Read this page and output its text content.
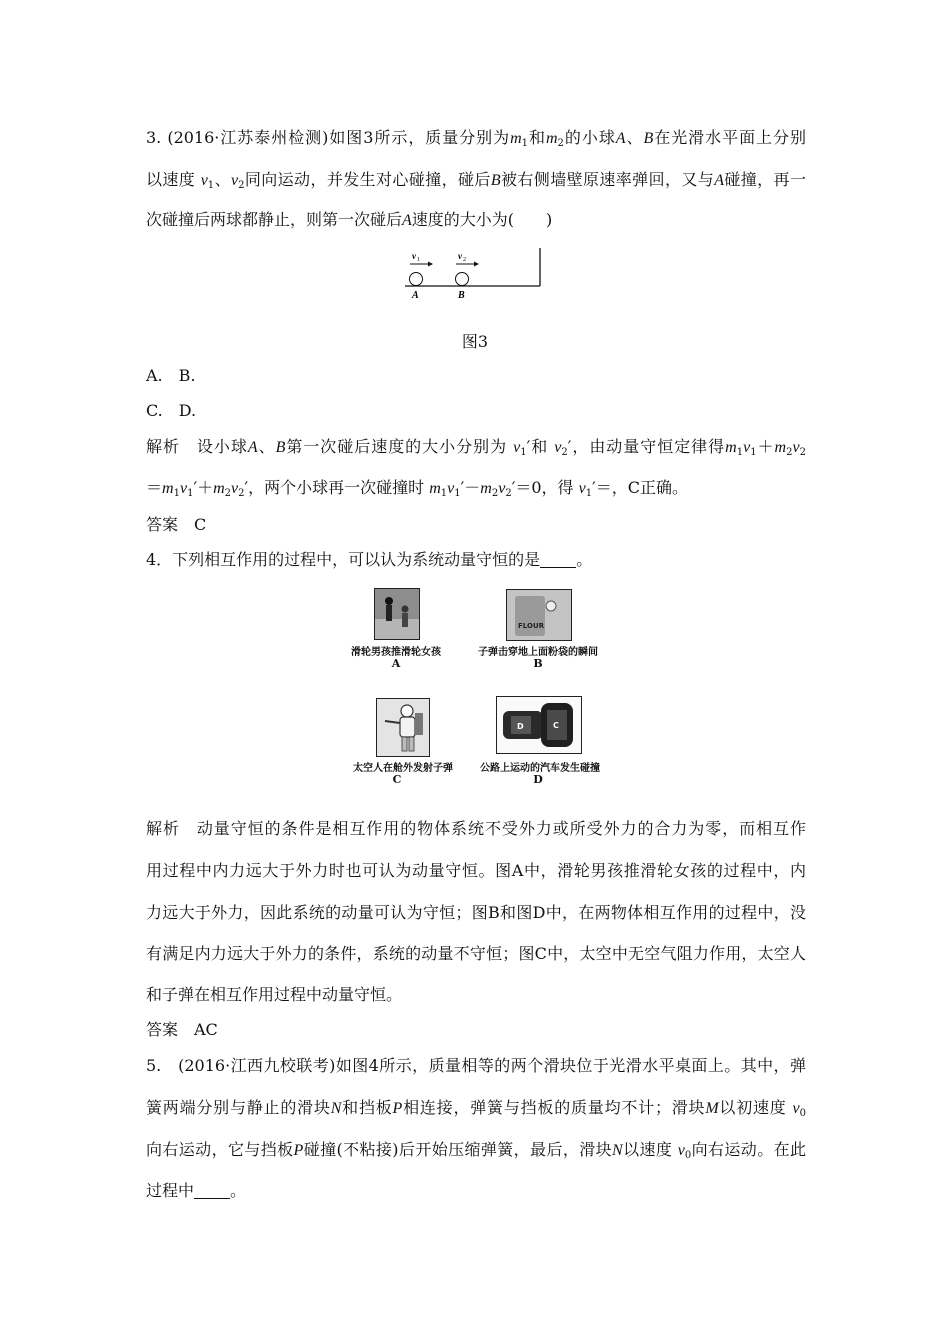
3. (2016·江苏泰州检测)如图3所示，质量分别为$m_1$和$m_2$的小球A、B在光滑水平面上分别
以速度 $v_1$、$v_2$同向运动，并发生对心碰撞，碰后B被右侧墙壁原速率弹回，又与A碰撞，再一
次碰撞后两球都静止，则第一次碰后A速度的大小为(　　)
v 1	v 2
A	B
图3
A.　B.
C.　D.
解析　设小球A、B第一次碰后速度的大小分别为 $v_1'$和 $v_2'$，由动量守恒定律得$m_1v_1+m_2v_2$
$=m_1v_1'+m_2v_2'$，两个小球再一次碰撞时 $m_1v_1'-m_2v_2'=0$，得 $v_1'=$，C正确。
答案　C
4．下列相互作用的过程中，可以认为系统动量守恒的是 。
滑轮男孩推滑轮女孩
A
FLOUR
子弹击穿地上面粉袋的瞬间
B
太空人在舱外发射子弹
C
D	C
公路上运动的汽车发生碰撞
D
解析　动量守恒的条件是相互作用的物体系统不受外力或所受外力的合力为零，而相互作
用过程中内力远大于外力时也可认为动量守恒。图A中，滑轮男孩推滑轮女孩的过程中，内
力远大于外力，因此系统的动量可认为守恒；图B和图D中，在两物体相互作用的过程中，没
有满足内力远大于外力的条件，系统的动量不守恒；图C中，太空中无空气阻力作用，太空人
和子弹在相互作用过程中动量守恒。
答案　AC
5.　(2016·江西九校联考)如图4所示，质量相等的两个滑块位于光滑水平桌面上。其中，弹
簧两端分别与静止的滑块N和挡板P相连接，弹簧与挡板的质量均不计；滑块M以初速度 $v_0$
向右运动，它与挡板P碰撞(不粘接)后开始压缩弹簧，最后，滑块N以速度 $v_0$向右运动。在此
过程中 。
